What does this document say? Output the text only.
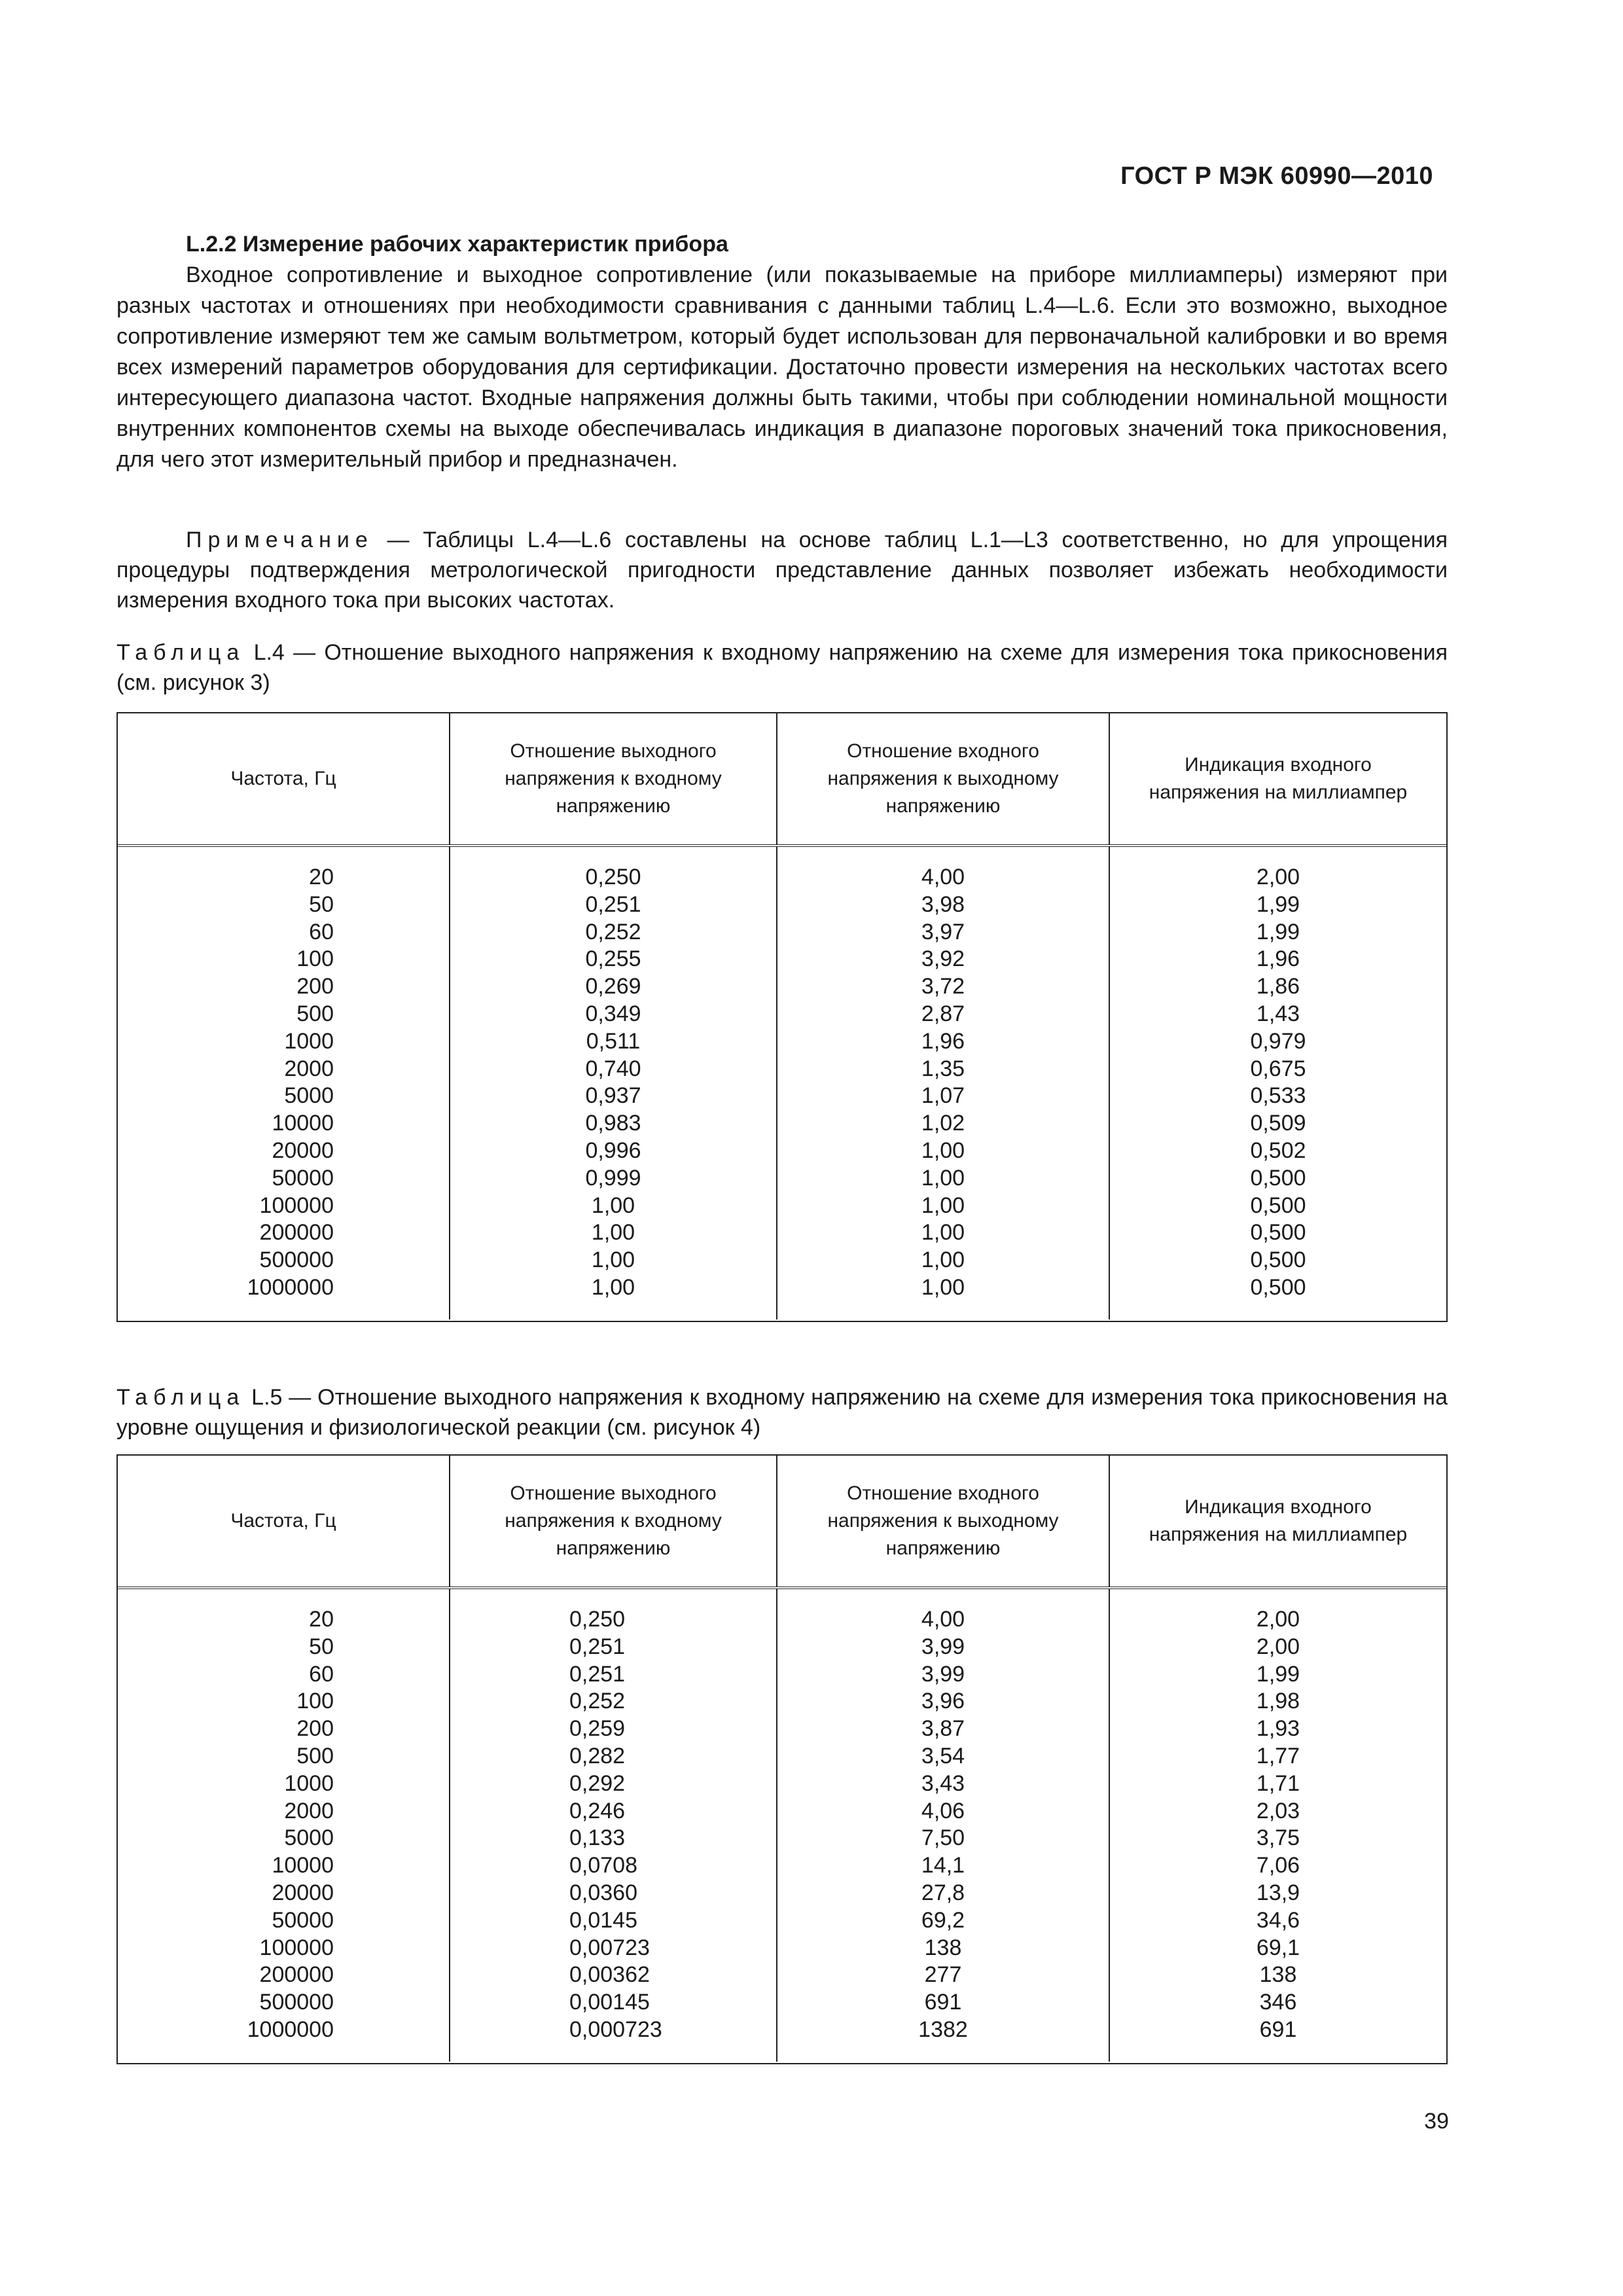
ГОСТ Р МЭК 60990—2010

L.2.2 Измерение рабочих характеристик прибора

Входное сопротивление и выходное сопротивление (или показываемые на приборе миллиамперы) измеряют при разных частотах и отношениях при необходимости сравнивания с данными таблиц L.4—L.6. Если это возможно, выходное сопротивление измеряют тем же самым вольтметром, который будет использован для первоначальной калибровки и во время всех измерений параметров оборудования для сертификации. Достаточно провести измерения на нескольких частотах всего интересующего диапазона частот. Входные напряжения должны быть такими, чтобы при соблюдении номинальной мощности внутренних компонентов схемы на выходе обеспечивалась индикация в диапазоне пороговых значений тока прикосновения, для чего этот измерительный прибор и предназначен.

Примечание — Таблицы L.4—L.6 составлены на основе таблиц L.1—L3 соответственно, но для упрощения процедуры подтверждения метрологической пригодности представление данных позволяет избежать необходимости измерения входного тока при высоких частотах.

Таблица L.4 — Отношение выходного напряжения к входному напряжению на схеме для измерения тока прикосновения (см. рисунок 3)

Частота, Гц
Отношение выходного напряжения к входному напряжению
Отношение входного напряжения к выходному напряжению
Индикация входного напряжения на миллиампер
20
50
60
100
200
500
1000
2000
5000
10000
20000
50000
100000
200000
500000
1000000
0,250
0,251
0,252
0,255
0,269
0,349
0,511
0,740
0,937
0,983
0,996
0,999
1,00
1,00
1,00
1,00
4,00
3,98
3,97
3,92
3,72
2,87
1,96
1,35
1,07
1,02
1,00
1,00
1,00
1,00
1,00
1,00
2,00
1,99
1,99
1,96
1,86
1,43
0,979
0,675
0,533
0,509
0,502
0,500
0,500
0,500
0,500
0,500

Таблица L.5 — Отношение выходного напряжения к входному напряжению на схеме для измерения тока прикосновения на уровне ощущения и физиологической реакции (см. рисунок 4)

Частота, Гц
Отношение выходного напряжения к входному напряжению
Отношение входного напряжения к выходному напряжению
Индикация входного напряжения на миллиампер
20
50
60
100
200
500
1000
2000
5000
10000
20000
50000
100000
200000
500000
1000000
0,250
0,251
0,251
0,252
0,259
0,282
0,292
0,246
0,133
0,0708
0,0360
0,0145
0,00723
0,00362
0,00145
0,000723
4,00
3,99
3,99
3,96
3,87
3,54
3,43
4,06
7,50
14,1
27,8
69,2
138
277
691
1382
2,00
2,00
1,99
1,98
1,93
1,77
1,71
2,03
3,75
7,06
13,9
34,6
69,1
138
346
691
39
